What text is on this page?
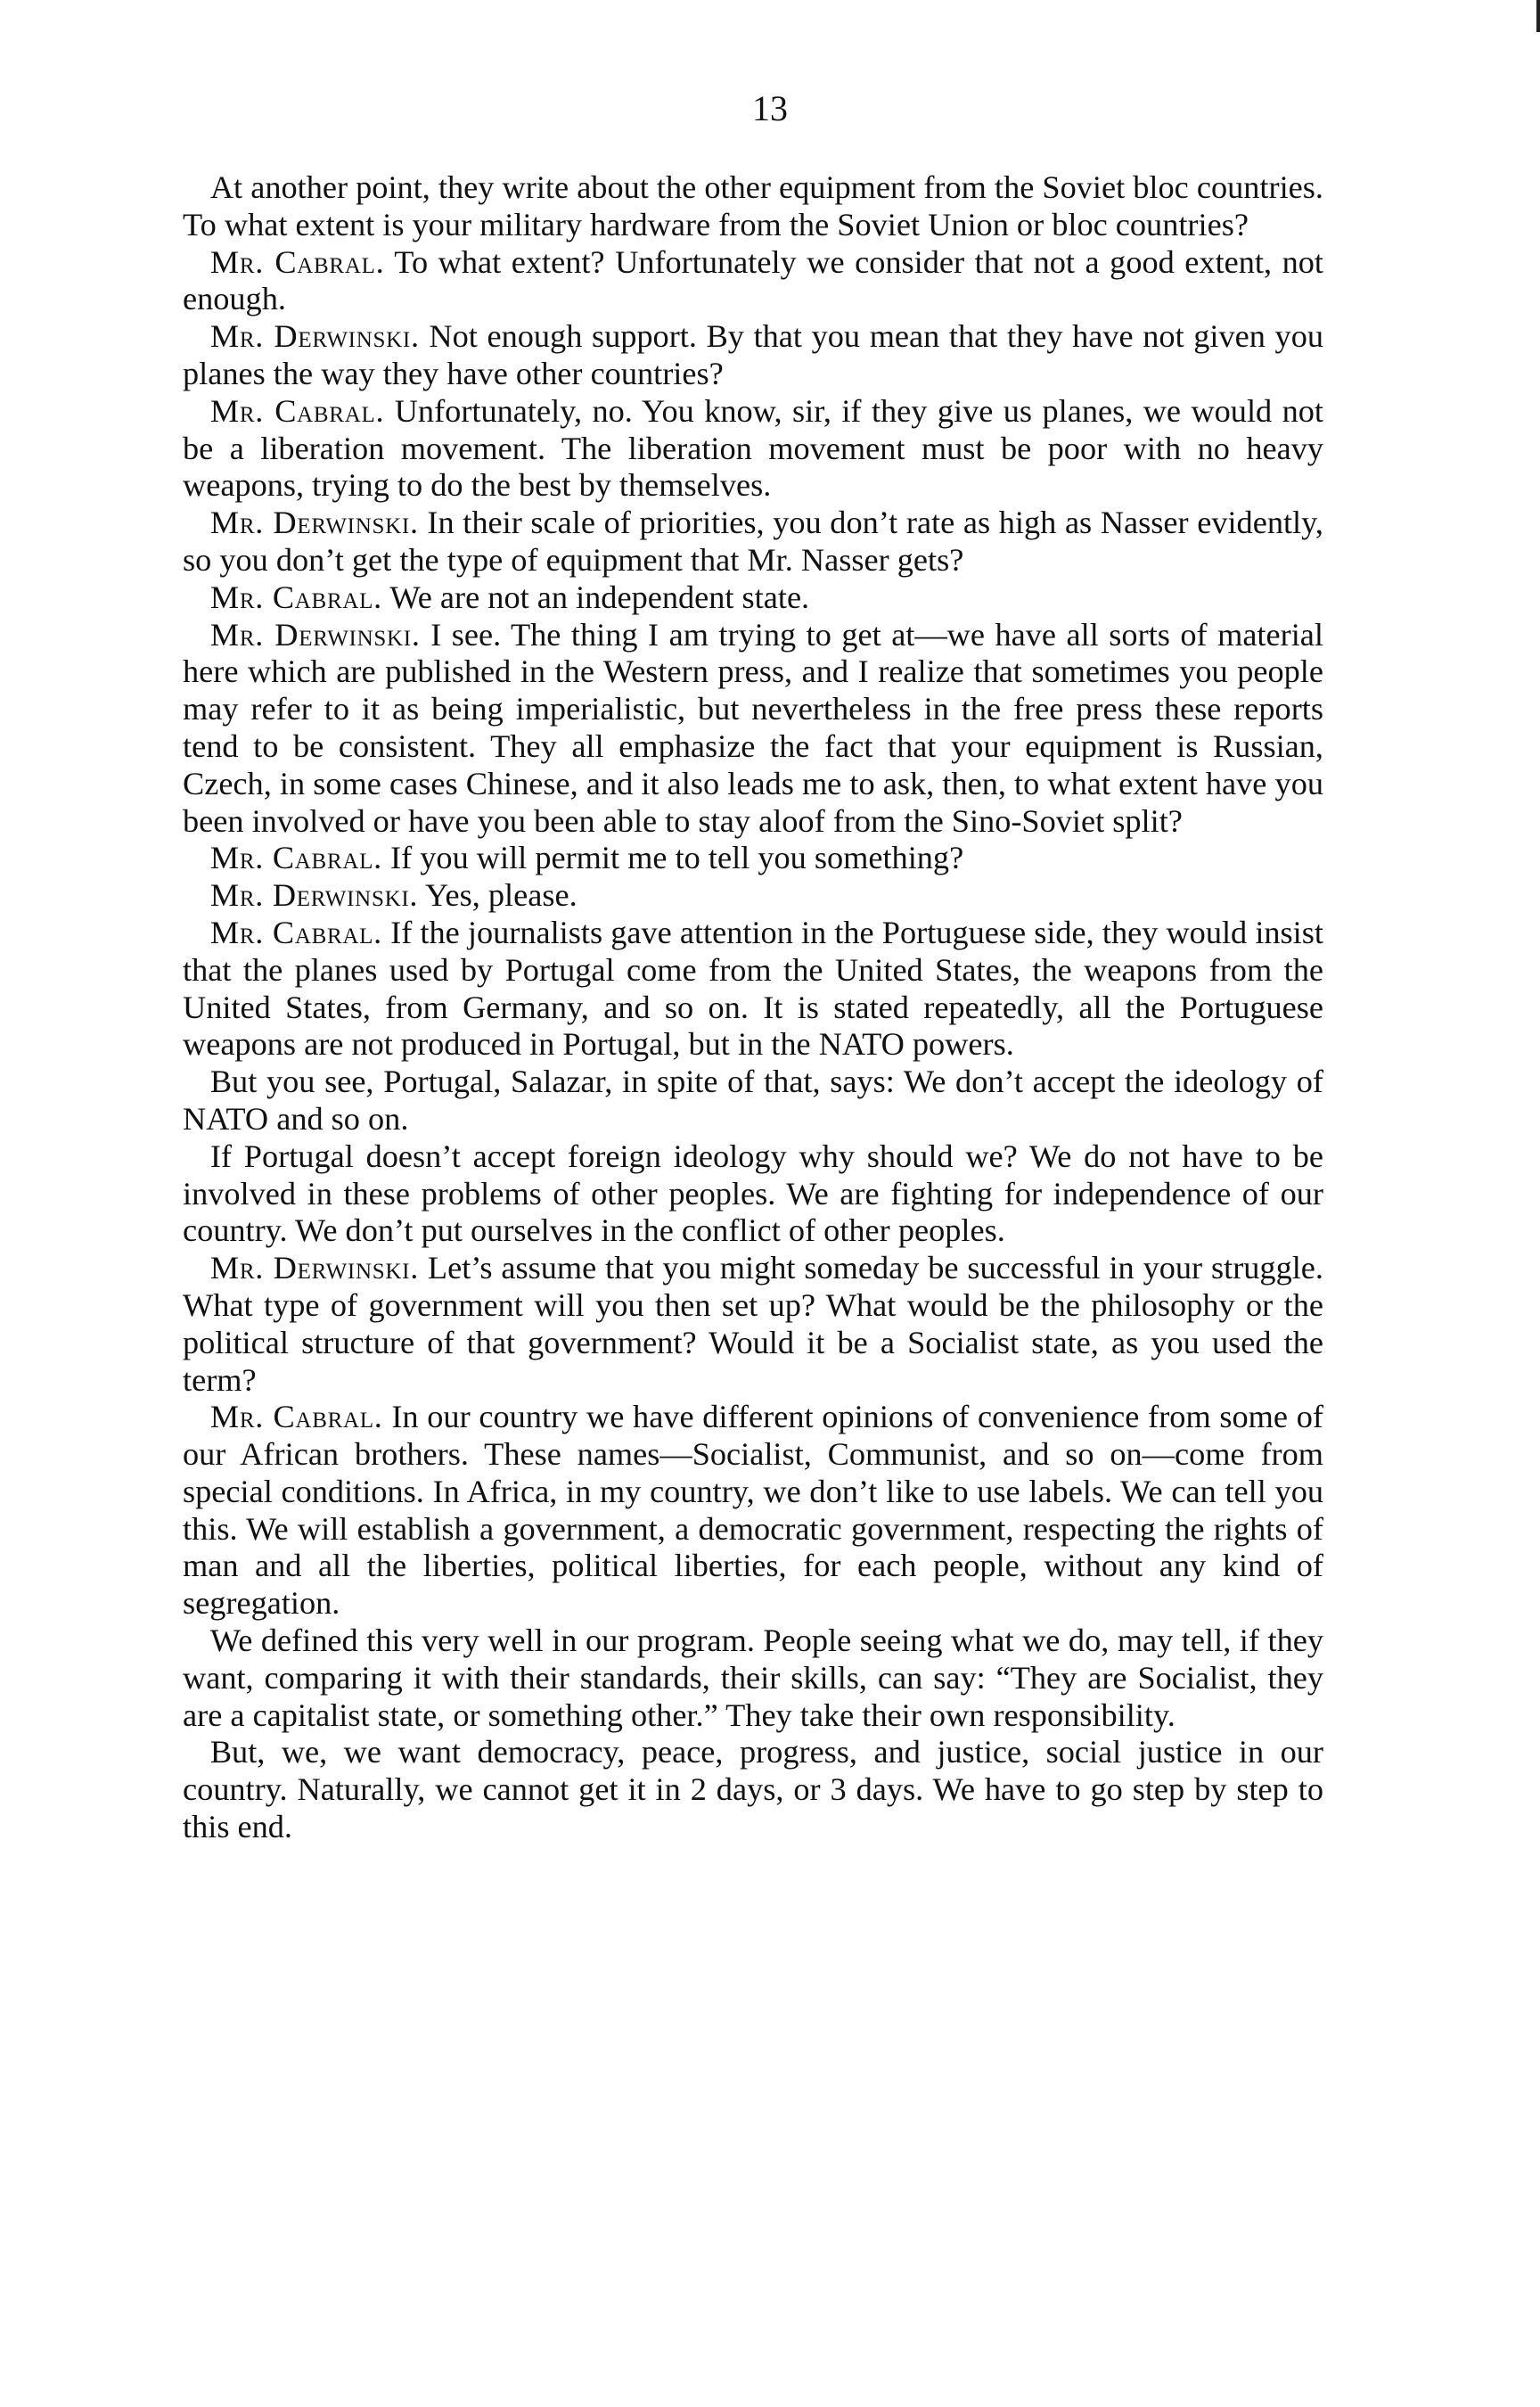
13

At another point, they write about the other equipment from the Soviet bloc countries. To what extent is your military hardware from the Soviet Union or bloc countries?

Mr. Cabral. To what extent? Unfortunately we consider that not a good extent, not enough.

Mr. Derwinski. Not enough support. By that you mean that they have not given you planes the way they have other countries?

Mr. Cabral. Unfortunately, no. You know, sir, if they give us planes, we would not be a liberation movement. The liberation movement must be poor with no heavy weapons, trying to do the best by themselves.

Mr. Derwinski. In their scale of priorities, you don’t rate as high as Nasser evidently, so you don’t get the type of equipment that Mr. Nasser gets?

Mr. Cabral. We are not an independent state.

Mr. Derwinski. I see. The thing I am trying to get at—we have all sorts of material here which are published in the Western press, and I realize that sometimes you people may refer to it as being imperialistic, but nevertheless in the free press these reports tend to be consistent. They all emphasize the fact that your equipment is Russian, Czech, in some cases Chinese, and it also leads me to ask, then, to what extent have you been involved or have you been able to stay aloof from the Sino-Soviet split?

Mr. Cabral. If you will permit me to tell you something?

Mr. Derwinski. Yes, please.

Mr. Cabral. If the journalists gave attention in the Portuguese side, they would insist that the planes used by Portugal come from the United States, the weapons from the United States, from Germany, and so on. It is stated repeatedly, all the Portuguese weapons are not produced in Portugal, but in the NATO powers.

But you see, Portugal, Salazar, in spite of that, says: We don’t accept the ideology of NATO and so on.

If Portugal doesn’t accept foreign ideology why should we? We do not have to be involved in these problems of other peoples. We are fighting for independence of our country. We don’t put ourselves in the conflict of other peoples.

Mr. Derwinski. Let’s assume that you might someday be successful in your struggle. What type of government will you then set up? What would be the philosophy or the political structure of that government? Would it be a Socialist state, as you used the term?

Mr. Cabral. In our country we have different opinions of convenience from some of our African brothers. These names—Socialist, Communist, and so on—come from special conditions. In Africa, in my country, we don’t like to use labels. We can tell you this. We will establish a government, a democratic government, respecting the rights of man and all the liberties, political liberties, for each people, without any kind of segregation.

We defined this very well in our program. People seeing what we do, may tell, if they want, comparing it with their standards, their skills, can say: “They are Socialist, they are a capitalist state, or something other.” They take their own responsibility.

But, we, we want democracy, peace, progress, and justice, social justice in our country. Naturally, we cannot get it in 2 days, or 3 days. We have to go step by step to this end.
